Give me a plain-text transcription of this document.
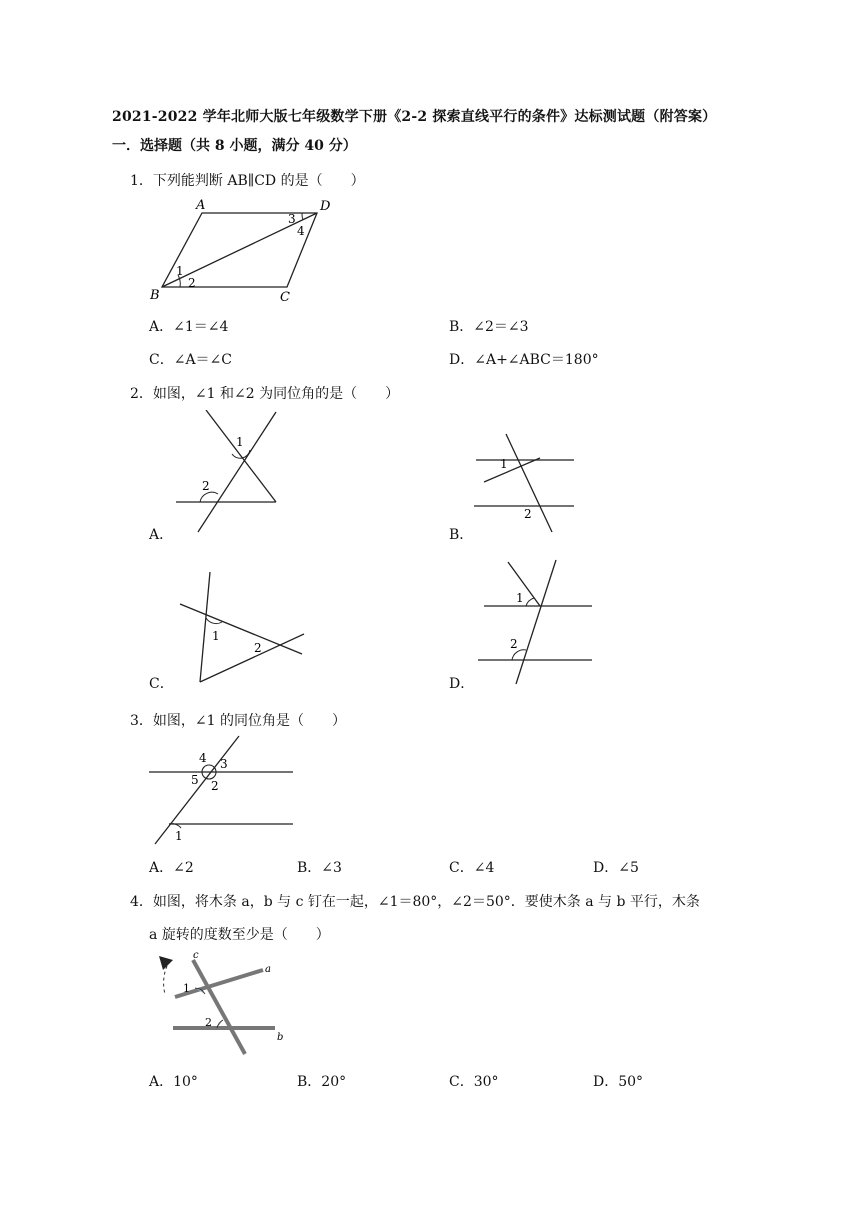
2021-2022 学年北师大版七年级数学下册《2-2 探索直线平行的条件》达标测试题（附答案）
一．选择题（共 8 小题，满分 40 分）
1．下列能判断 AB∥CD 的是（　　）
A	D
B	C
1
2
3
4
A．∠1＝∠4	B．∠2＝∠3
C．∠A＝∠C	D．∠A+∠ABC＝180°
2．如图，∠1 和∠2 为同位角的是（　　）
1
2
A．
1
2
B．
1
2
C．
1
2
D．
3．如图，∠1 的同位角是（　　）
4 3
5 2
1
A．∠2	B．∠3	C．∠4	D．∠5
4．如图，将木条 a，b 与 c 钉在一起，∠1＝80°，∠2＝50°．要使木条 a 与 b 平行，木条
a 旋转的度数至少是（　　）
c
a
b
1
2
A．10°	B．20°	C．30°	D．50°
